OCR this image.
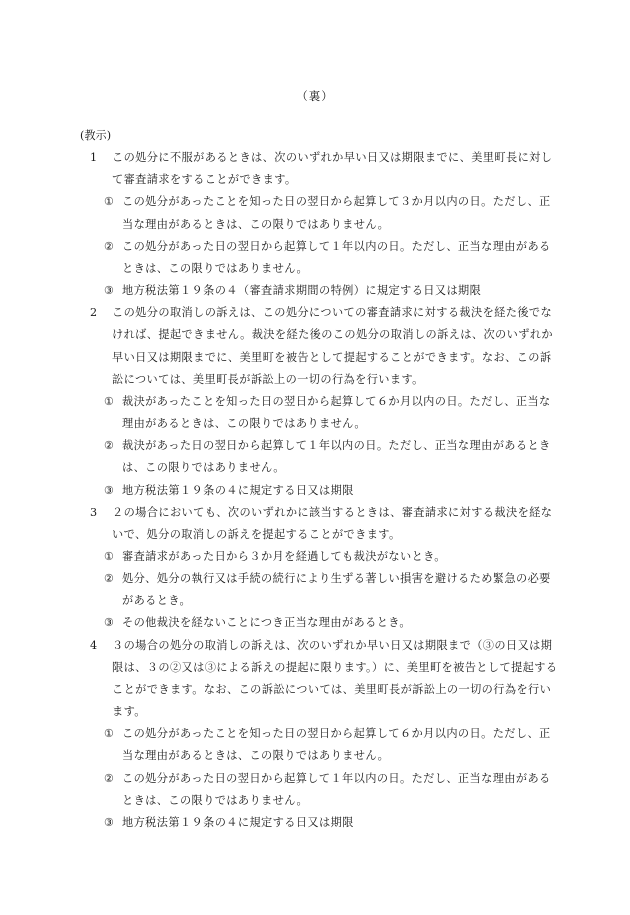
（裏）
(教示)

1 この処分に不服があるときは、次のいずれか早い日又は期限までに、美里町長に対して審査請求をすることができます。

① この処分があったことを知った日の翌日から起算して３か月以内の日。ただし、正当な理由があるときは、この限りではありません。

② この処分があった日の翌日から起算して１年以内の日。ただし、正当な理由があるときは、この限りではありません。

③ 地方税法第１９条の４（審査請求期間の特例）に規定する日又は期限

2 この処分の取消しの訴えは、この処分についての審査請求に対する裁決を経た後でなければ、提起できません。裁決を経た後のこの処分の取消しの訴えは、次のいずれか早い日又は期限までに、美里町を被告として提起することができます。なお、この訴訟については、美里町長が訴訟上の一切の行為を行います。

① 裁決があったことを知った日の翌日から起算して６か月以内の日。ただし、正当な理由があるときは、この限りではありません。

② 裁決があった日の翌日から起算して１年以内の日。ただし、正当な理由があるときは、この限りではありません。

③ 地方税法第１９条の４に規定する日又は期限

3 ２の場合においても、次のいずれかに該当するときは、審査請求に対する裁決を経ないで、処分の取消しの訴えを提起することができます。

① 審査請求があった日から３か月を経過しても裁決がないとき。

② 処分、処分の執行又は手続の続行により生ずる著しい損害を避けるため緊急の必要があるとき。

③ その他裁決を経ないことにつき正当な理由があるとき。

4 ３の場合の処分の取消しの訴えは、次のいずれか早い日又は期限まで（③の日又は期限は、３の②又は③による訴えの提起に限ります。）に、美里町を被告として提起することができます。なお、この訴訟については、美里町長が訴訟上の一切の行為を行います。

① この処分があったことを知った日の翌日から起算して６か月以内の日。ただし、正当な理由があるときは、この限りではありません。

② この処分があった日の翌日から起算して１年以内の日。ただし、正当な理由があるときは、この限りではありません。

③ 地方税法第１９条の４に規定する日又は期限
